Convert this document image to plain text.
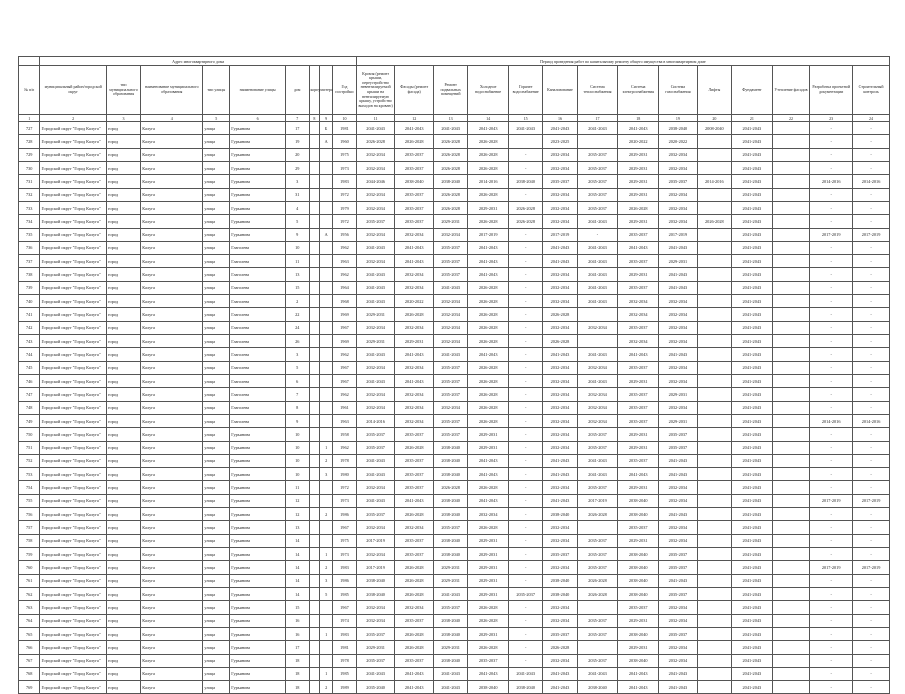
	Адрес многоквартирного дома									Период проведения работ по капитальному ремонту общего имущества в многоквартирном доме													
№ п/п	муниципальный район/городской округ	тип муниципального образования	наименование муниципального образования	тип улицы	наименование улицы	дом	корпус	литера	Год постройки	Кровля (ремонт крыши, переустройство невентилируемой крыши на вентилируемую крышу, устройство выходов на кровлю)	Фасады (ремонт фасада)	Ремонт подвальных помещений	Холодное водоснабжение	Горячее водоснабжение	Канализование	Система теплоснабжения	Система электроснабжения	Система газоснабжения	Лифты	Фундамент	Утепление фасадов	Разработка проектной документации	Строительный контроль
1	2	3	4	5	6	7	8	9	10	11	12	13	14	15	16	17	18	19	20	21	22	23	24
727	Городской округ "Город Калуга"	город	Калуга	улица	Гурьянова	17		Б	1981	2041-2043	2041-2043	2041-2043	2041-2043	2041-2043	2041-2043	2041-2043	2041-2043	2038-2040	2008-2040	2041-2043		-	-
728	Городской округ "Город Калуга"	город	Калуга	улица	Гурьянова	19		А	1960	2026-2028	2026-2028	2026-2028	2026-2028		2023-2025		2020-2022	2020-2022		2041-2043		-	-
729	Городской округ "Город Калуга"	город	Калуга	улица	Гурьянова	20			1975	2032-2034	2035-2037	2026-2028	2026-2028	-	2032-2034	2035-2037	2029-2031	2032-2034		2041-2043		-	-
730	Городской округ "Город Калуга"	город	Калуга	улица	Гурьянова	29			1973	2032-2034	2035-2037	2026-2028	2026-2028	-	2032-2034	2035-2037	2029-2031	2032-2034		2041-2043		-	-
731	Городской округ "Город Калуга"	город	Калуга	улица	Гурьянова	3			1983	2044-2046	2038-2040	2038-2040	2014-2016	2038-2040	2035-2037	2035-2037	2029-2031	2035-2037	2014-2016	2041-2043		2014-2016	2014-2016
732	Городской округ "Город Калуга"	город	Калуга	улица	Гурьянова	31			1972	2032-2034	2035-2037	2026-2028	2026-2028	-	2032-2034	2035-2037	2029-2031	2032-2034		2041-2043		-	-
733	Городской округ "Город Калуга"	город	Калуга	улица	Гурьянова	4			1979	2032-2034	2035-2037	2026-2028	2029-2031	2026-2028	2032-2034	2035-2037	2026-2028	2032-2034		2041-2043		-	-
734	Городской округ "Город Калуга"	город	Калуга	улица	Гурьянова	5			1972	2035-2037	2035-2037	2029-2031	2026-2028	2026-2028	2032-2034	2041-2043	2029-2031	2032-2034	2026-2028	2041-2043		-	-
735	Городской округ "Город Калуга"	город	Калуга	улица	Гурьянова	9		А	1956	2032-2034	2032-2034	2032-2034	2017-2019	-	2017-2019	-	2035-2037	2017-2019		2041-2043		2017-2019	2017-2019
736	Городской округ "Город Калуга"	город	Калуга	улица	Глаголева	10			1962	2041-2043	2041-2043	2035-2037	2041-2043	-	2041-2043	2041-2043	2041-2043	2041-2043		2041-2043		-	-
737	Городской округ "Город Калуга"	город	Калуга	улица	Глаголева	11			1963	2032-2034	2041-2043	2035-2037	2041-2043	-	2041-2043	2041-2043	2035-2037	2029-2031		2041-2043		-	-
738	Городской округ "Город Калуга"	город	Калуга	улица	Глаголева	13			1962	2041-2043	2032-2034	2035-2037	2041-2043	-	2032-2034	2041-2043	2029-2031	2041-2043		2041-2043		-	-
739	Городской округ "Город Калуга"	город	Калуга	улица	Глаголева	15			1964	2041-2043	2032-2034	2041-2043	2026-2028	-	2032-2034	2041-2043	2035-2037	2041-2043		2041-2043		-	-
740	Городской округ "Город Калуга"	город	Калуга	улица	Глаголева	2			1968	2041-2043	2020-2022	2032-2034	2026-2028	-	2032-2034	2041-2043	2032-2034	2032-2034		2041-2043		-	-
741	Городской округ "Город Калуга"	город	Калуга	улица	Глаголева	22			1969	2029-2031	2026-2028	2032-2034	2026-2028	-	2026-2028		2032-2034	2032-2034		2041-2043		-	-
742	Городской округ "Город Калуга"	город	Калуга	улица	Глаголева	24			1967	2032-2034	2032-2034	2032-2034	2026-2028	-	2032-2034	2032-2034	2035-2037	2032-2034		2041-2043		-	-
743	Городской округ "Город Калуга"	город	Калуга	улица	Глаголева	26			1969	2029-2031	2029-2031	2032-2034	2026-2028	-	2026-2028		2032-2034	2032-2034		2041-2043		-	-
744	Городской округ "Город Калуга"	город	Калуга	улица	Глаголева	3			1962	2041-2043	2041-2043	2041-2043	2041-2043	-	2041-2043	2041-2043	2041-2043	2041-2043		2041-2043		-	-
745	Городской округ "Город Калуга"	город	Калуга	улица	Глаголева	5			1967	2032-2034	2032-2034	2035-2037	2026-2028	-	2032-2034	2032-2034	2035-2037	2032-2034		2041-2043		-	-
746	Городской округ "Город Калуга"	город	Калуга	улица	Глаголева	6			1967	2041-2043	2041-2043	2035-2037	2026-2028	-	2032-2034	2041-2043	2029-2031	2032-2034		2041-2043		-	-
747	Городской округ "Город Калуга"	город	Калуга	улица	Глаголева	7			1962	2032-2034	2032-2034	2035-2037	2026-2028	-	2032-2034	2032-2034	2035-2037	2029-2031		2041-2043		-	-
748	Городской округ "Город Калуга"	город	Калуга	улица	Глаголева	8			1961	2032-2034	2032-2034	2032-2034	2026-2028	-	2032-2034	2032-2034	2035-2037	2032-2034		2041-2043		-	-
749	Городской округ "Город Калуга"	город	Калуга	улица	Глаголева	9			1963	2014-2016	2032-2034	2035-2037	2026-2028	-	2032-2034	2032-2034	2035-2037	2029-2031		2041-2043		2014-2016	2014-2016
750	Городской округ "Город Калуга"	город	Калуга	улица	Гурьянова	10			1958	2035-2037	2035-2037	2035-2037	2029-2031	-	2032-2034	2035-2037	2029-2031	2035-2037		2041-2043		-	-
751	Городской округ "Город Калуга"	город	Калуга	улица	Гурьянова	10		1	1962	2035-2037	2026-2028	2038-2040	2029-2031	-	2032-2034	2035-2037	2029-2031	2035-2037		2041-2043		-	-
752	Городской округ "Город Калуга"	город	Калуга	улица	Гурьянова	10		2	1978	2041-2043	2035-2037	2038-2040	2041-2043	-	2041-2043	2041-2043	2035-2037	2041-2043		2041-2043		-	-
753	Городской округ "Город Калуга"	город	Калуга	улица	Гурьянова	10		3	1980	2041-2043	2035-2037	2038-2040	2041-2043	-	2041-2043	2041-2043	2041-2043	2041-2043		2041-2043		-	-
754	Городской округ "Город Калуга"	город	Калуга	улица	Гурьянова	11			1972	2032-2034	2035-2037	2026-2028	2026-2028	-	2032-2034	2035-2037	2029-2031	2032-2034		2041-2043		-	-
755	Городской округ "Город Калуга"	город	Калуга	улица	Гурьянова	12			1973	2041-2043	2041-2043	2038-2040	2041-2043	-	2041-2043	2017-2019	2038-2040	2032-2034		2041-2043		2017-2019	2017-2019
756	Городской округ "Город Калуга"	город	Калуга	улица	Гурьянова	12		2	1986	2035-2037	2026-2028	2038-2040	2032-2034	-	2038-2040	2026-2028	2038-2040	2041-2043		2041-2043		-	-
757	Городской округ "Город Калуга"	город	Калуга	улица	Гурьянова	13			1967	2032-2034	2032-2034	2035-2037	2026-2028	-	2032-2034		2035-2037	2032-2034		2041-2043		-	-
758	Городской округ "Город Калуга"	город	Калуга	улица	Гурьянова	14			1975	2017-2019	2035-2037	2038-2040	2029-2031	-	2032-2034	2035-2037	2029-2031	2032-2034		2041-2043		-	-
759	Городской округ "Город Калуга"	город	Калуга	улица	Гурьянова	14		1	1973	2032-2034	2035-2037	2038-2040	2029-2031	-	2035-2037	2035-2037	2038-2040	2035-2037		2041-2043		-	-
760	Городской округ "Город Калуга"	город	Калуга	улица	Гурьянова	14		2	1983	2017-2019	2026-2028	2029-2031	2029-2031	-	2032-2034	2035-2037	2038-2040	2035-2037		2041-2043		2017-2019	2017-2019
761	Городской округ "Город Калуга"	город	Калуга	улица	Гурьянова	14		3	1986	2038-2040	2026-2028	2029-2031	2029-2031	-	2038-2040	2026-2028	2038-2040	2041-2043		2041-2043		-	-
762	Городской округ "Город Калуга"	город	Калуга	улица	Гурьянова	14		5	1985	2038-2040	2026-2028	2041-2043	2029-2031	2035-2037	2038-2040	2026-2028	2038-2040	2035-2037		2041-2043		-	-
763	Городской округ "Город Калуга"	город	Калуга	улица	Гурьянова	15			1967	2032-2034	2032-2034	2035-2037	2026-2028	-	2032-2034		2035-2037	2032-2034		2041-2043		-	-
764	Городской округ "Город Калуга"	город	Калуга	улица	Гурьянова	16			1974	2032-2034	2035-2037	2038-2040	2026-2028	-	2032-2034	2035-2037	2029-2031	2032-2034		2041-2043		-	-
765	Городской округ "Город Калуга"	город	Калуга	улица	Гурьянова	16		1	1983	2035-2037	2026-2028	2038-2040	2029-2031	-	2035-2037	2035-2037	2038-2040	2035-2037		2041-2043		-	-
766	Городской округ "Город Калуга"	город	Калуга	улица	Гурьянова	17			1981	2029-2031	2026-2028	2029-2031	2026-2028	-	2026-2028		2029-2031	2032-2034		2041-2043		-	-
767	Городской округ "Город Калуга"	город	Калуга	улица	Гурьянова	18			1978	2035-2037	2035-2037	2038-2040	2035-2037	-	2032-2034	2035-2037	2038-2040	2032-2034		2041-2043		-	-
768	Городской округ "Город Калуга"	город	Калуга	улица	Гурьянова	18		1	1985	2041-2043	2041-2043	2041-2043	2041-2043	2041-2043	2041-2043	2041-2043	2041-2043	2041-2043		2041-2043		-	-
769	Городской округ "Город Калуга"	город	Калуга	улица	Гурьянова	18		2	1989	2035-2040	2041-2043	2041-2043	2038-2040	2038-2040	2041-2043	2038-2040	2041-2043	2041-2043		2041-2043		-	-
